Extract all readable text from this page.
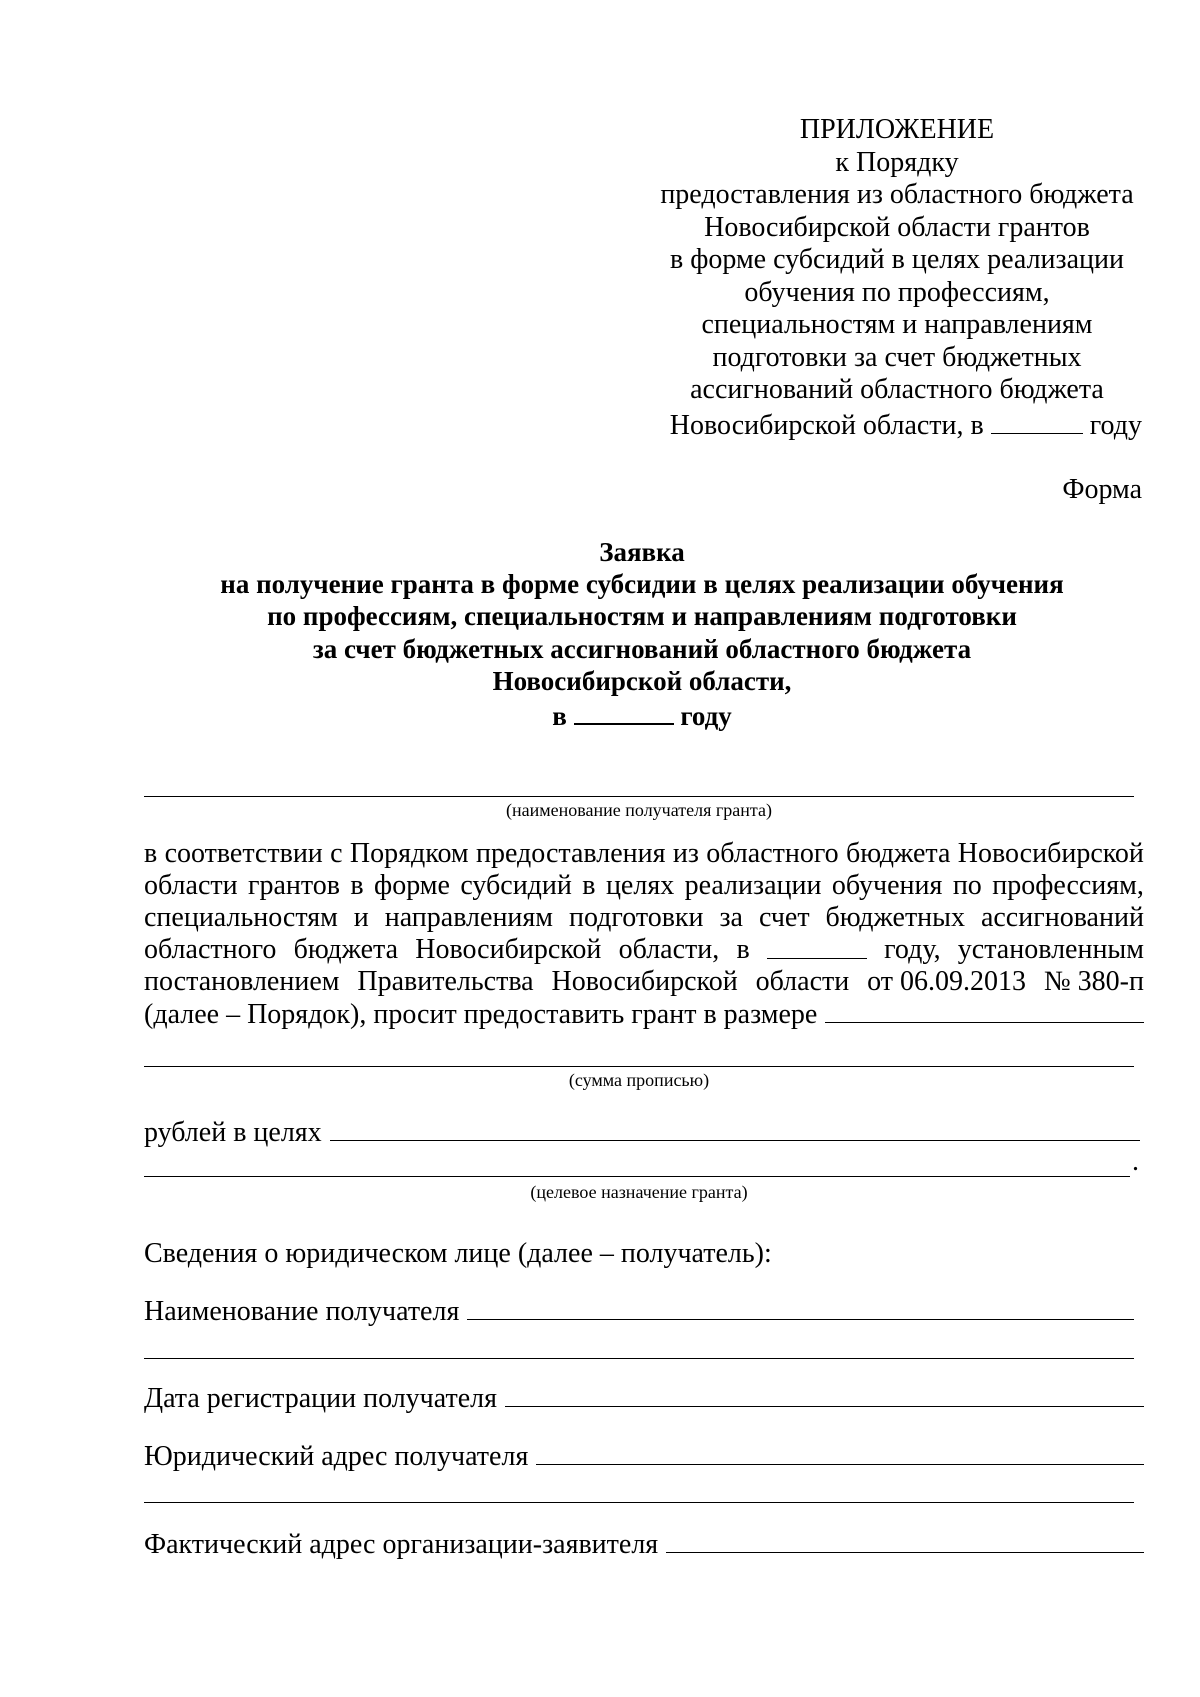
ПРИЛОЖЕНИЕ
к Порядку
предоставления из областного бюджета
Новосибирской области грантов
в форме субсидий в целях реализации
обучения по профессиям,
специальностям и направлениям
подготовки за счет бюджетных
ассигнований областного бюджета
Новосибирской области, в	году
Форма
Заявка
на получение гранта в форме субсидии в целях реализации обучения
по профессиям, специальностям и направлениям подготовки
за счет бюджетных ассигнований областного бюджета
Новосибирской области,
в	году
(наименование получателя гранта)
в соответствии с Порядком предоставления из областного бюджета Новосибирской
области грантов в форме субсидий в целях реализации обучения по профессиям,
специальностям и направлениям подготовки за счет бюджетных ассигнований
областного бюджета Новосибирской области, в	году, установленным
постановлением Правительства Новосибирской области от 06.09.2013 № 380-п
(далее – Порядок), просит предоставить грант в размере
(сумма прописью)
рублей в целях
.
(целевое назначение гранта)
Сведения о юридическом лице (далее – получатель):
Наименование получателя
Дата регистрации получателя
Юридический адрес получателя
Фактический адрес организации-заявителя
